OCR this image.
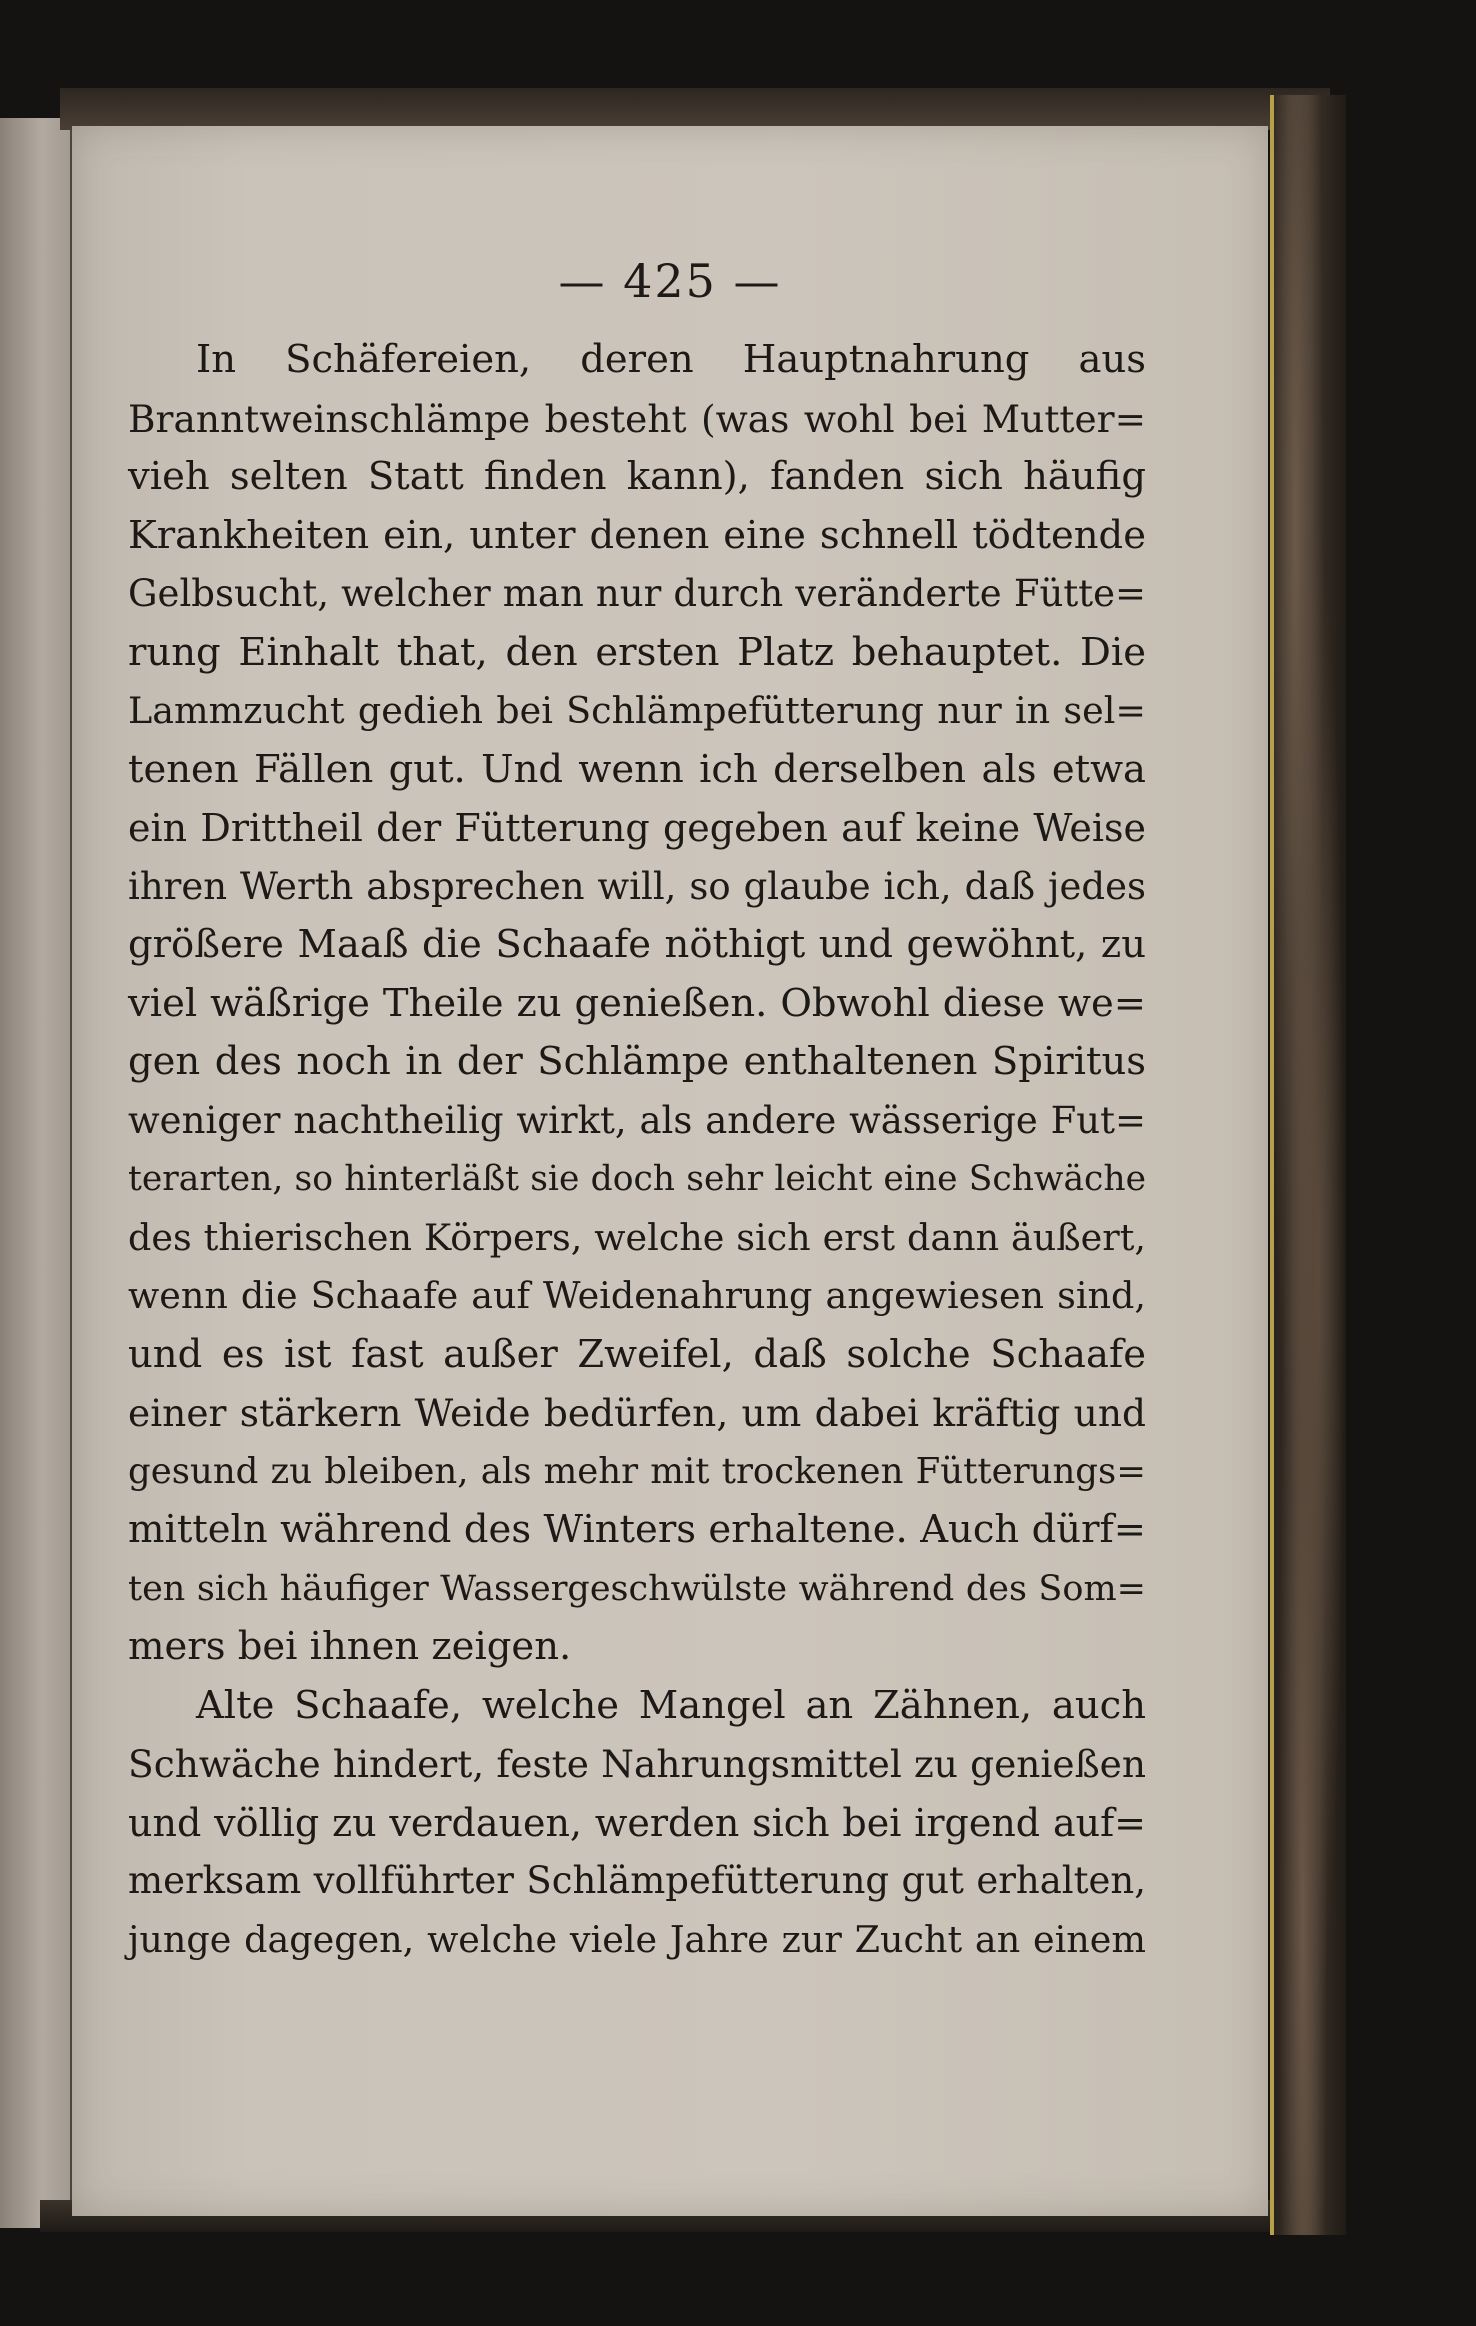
— 425 —
In Schäfereien, deren Hauptnahrung aus
Branntweinschlämpe besteht (was wohl bei Mutter=
vieh selten Statt finden kann), fanden sich häufig
Krankheiten ein, unter denen eine schnell tödtende
Gelbsucht, welcher man nur durch veränderte Fütte=
rung Einhalt that, den ersten Platz behauptet. Die
Lammzucht gedieh bei Schlämpefütterung nur in sel=
tenen Fällen gut. Und wenn ich derselben als etwa
ein Drittheil der Fütterung gegeben auf keine Weise
ihren Werth absprechen will, so glaube ich, daß jedes
größere Maaß die Schaafe nöthigt und gewöhnt, zu
viel wäßrige Theile zu genießen. Obwohl diese we=
gen des noch in der Schlämpe enthaltenen Spiritus
weniger nachtheilig wirkt, als andere wässerige Fut=
terarten, so hinterläßt sie doch sehr leicht eine Schwäche
des thierischen Körpers, welche sich erst dann äußert,
wenn die Schaafe auf Weidenahrung angewiesen sind,
und es ist fast außer Zweifel, daß solche Schaafe
einer stärkern Weide bedürfen, um dabei kräftig und
gesund zu bleiben, als mehr mit trockenen Fütterungs=
mitteln während des Winters erhaltene. Auch dürf=
ten sich häufiger Wassergeschwülste während des Som=
mers bei ihnen zeigen.
Alte Schaafe, welche Mangel an Zähnen, auch
Schwäche hindert, feste Nahrungsmittel zu genießen
und völlig zu verdauen, werden sich bei irgend auf=
merksam vollführter Schlämpefütterung gut erhalten,
junge dagegen, welche viele Jahre zur Zucht an einem
